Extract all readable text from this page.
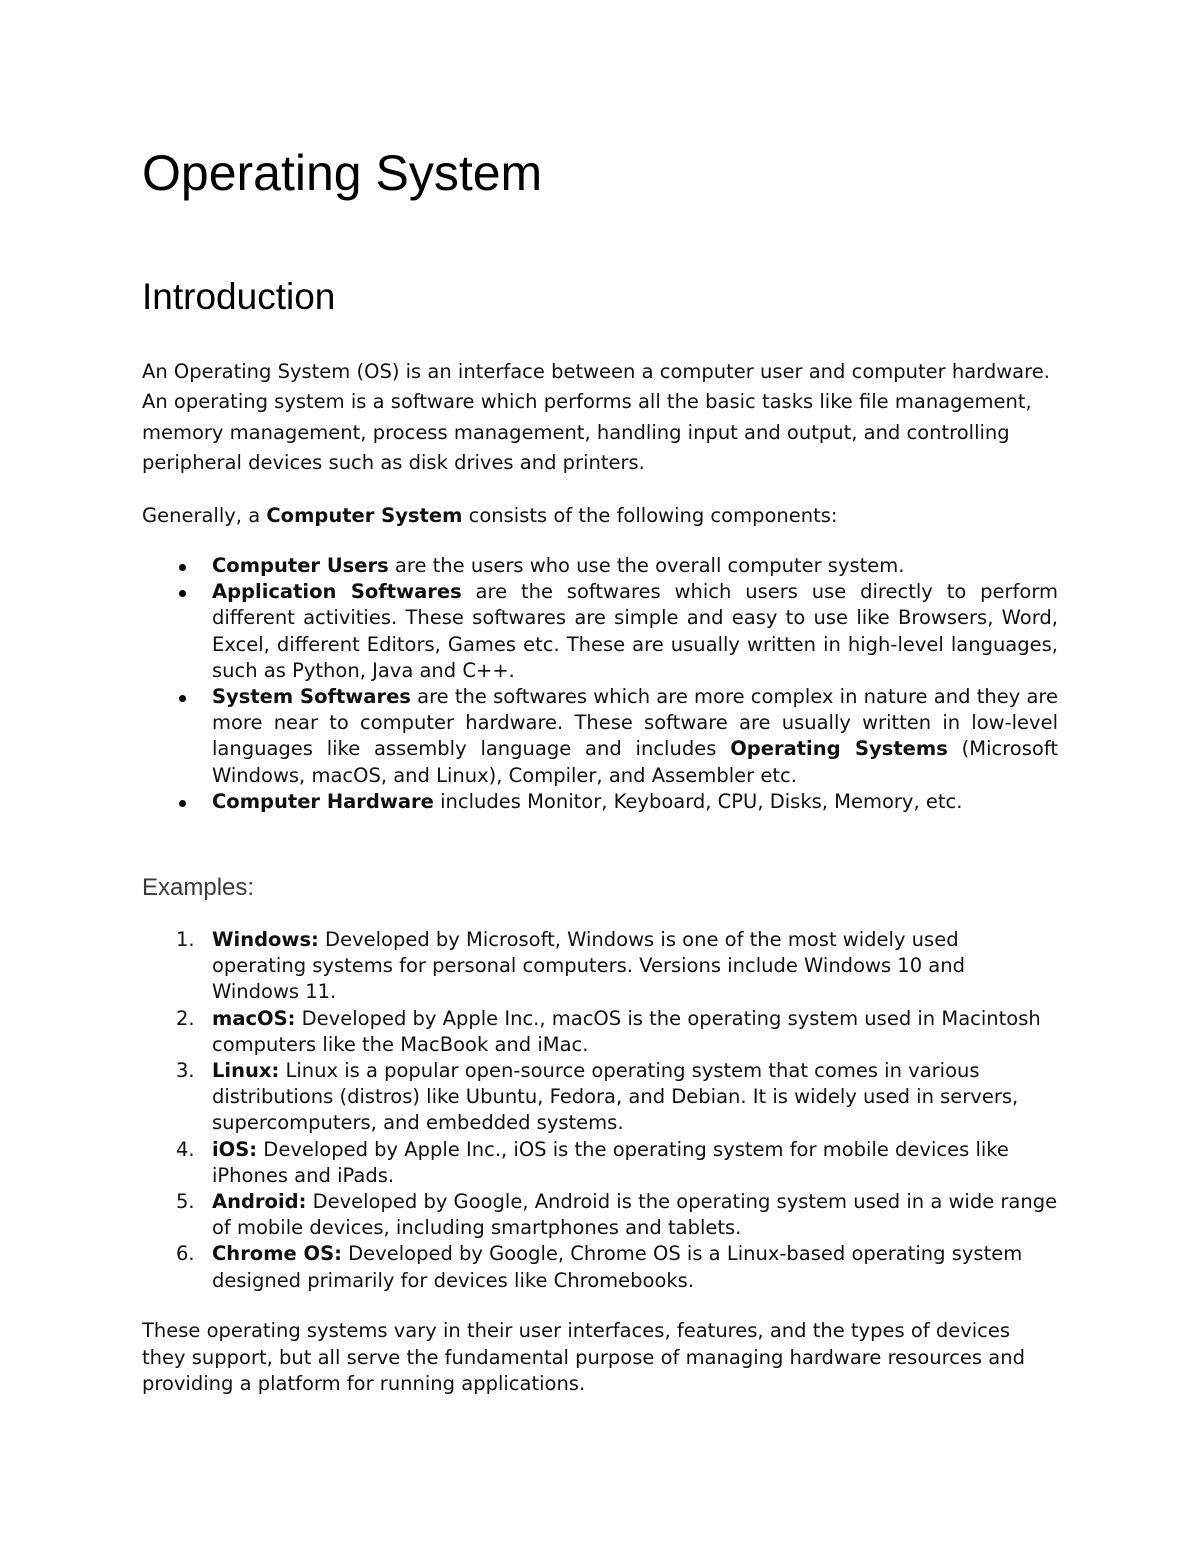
Operating System
Introduction

An Operating System (OS) is an interface between a computer user and computer hardware. An operating system is a software which performs all the basic tasks like file management, memory management, process management, handling input and output, and controlling peripheral devices such as disk drives and printers.

Generally, a Computer System consists of the following components:

Computer Users are the users who use the overall computer system.
Application Softwares are the softwares which users use directly to perform different activities. These softwares are simple and easy to use like Browsers, Word, Excel, different Editors, Games etc. These are usually written in high-level languages, such as Python, Java and C++.
System Softwares are the softwares which are more complex in nature and they are more near to computer hardware. These software are usually written in low-level languages like assembly language and includes Operating Systems (Microsoft Windows, macOS, and Linux), Compiler, and Assembler etc.
Computer Hardware includes Monitor, Keyboard, CPU, Disks, Memory, etc.
Examples:
1. Windows: Developed by Microsoft, Windows is one of the most widely used operating systems for personal computers. Versions include Windows 10 and Windows 11.
2. macOS: Developed by Apple Inc., macOS is the operating system used in Macintosh computers like the MacBook and iMac.
3. Linux: Linux is a popular open-source operating system that comes in various distributions (distros) like Ubuntu, Fedora, and Debian. It is widely used in servers, supercomputers, and embedded systems.
4. iOS: Developed by Apple Inc., iOS is the operating system for mobile devices like iPhones and iPads.
5. Android: Developed by Google, Android is the operating system used in a wide range of mobile devices, including smartphones and tablets.
6. Chrome OS: Developed by Google, Chrome OS is a Linux-based operating system designed primarily for devices like Chromebooks.

These operating systems vary in their user interfaces, features, and the types of devices they support, but all serve the fundamental purpose of managing hardware resources and providing a platform for running applications.
